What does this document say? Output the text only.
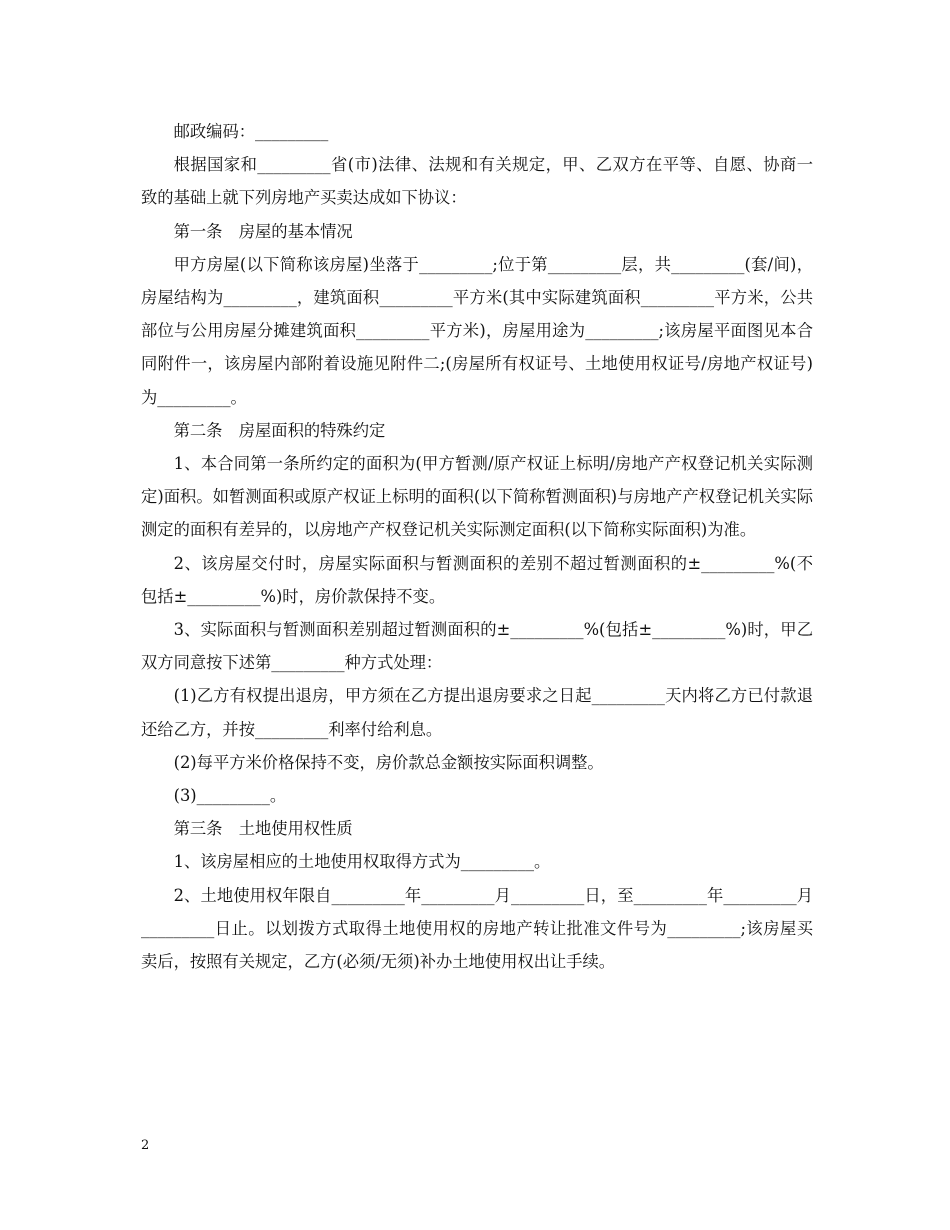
邮政编码：_________

根据国家和_________省(市)法律、法规和有关规定，甲、乙双方在平等、自愿、协商一致的基础上就下列房地产买卖达成如下协议：

第一条　房屋的基本情况

甲方房屋(以下简称该房屋)坐落于_________;位于第_________层，共_________(套/间)，房屋结构为_________，建筑面积_________平方米(其中实际建筑面积_________平方米，公共部位与公用房屋分摊建筑面积_________平方米)，房屋用途为_________;该房屋平面图见本合同附件一，该房屋内部附着设施见附件二;(房屋所有权证号、土地使用权证号/房地产权证号)为_________。

第二条　房屋面积的特殊约定

1、本合同第一条所约定的面积为(甲方暂测/原产权证上标明/房地产产权登记机关实际测定)面积。如暂测面积或原产权证上标明的面积(以下简称暂测面积)与房地产产权登记机关实际测定的面积有差异的，以房地产产权登记机关实际测定面积(以下简称实际面积)为准。

2、该房屋交付时，房屋实际面积与暂测面积的差别不超过暂测面积的±_________%(不包括±_________%)时，房价款保持不变。

3、实际面积与暂测面积差别超过暂测面积的±_________%(包括±_________%)时，甲乙双方同意按下述第_________种方式处理：

(1)乙方有权提出退房，甲方须在乙方提出退房要求之日起_________天内将乙方已付款退还给乙方，并按_________利率付给利息。

(2)每平方米价格保持不变，房价款总金额按实际面积调整。

(3)_________。

第三条　土地使用权性质

1、该房屋相应的土地使用权取得方式为_________。

2、土地使用权年限自_________年_________月_________日，至_________年_________月_________日止。以划拨方式取得土地使用权的房地产转让批准文件号为_________;该房屋买卖后，按照有关规定，乙方(必须/无须)补办土地使用权出让手续。

2
